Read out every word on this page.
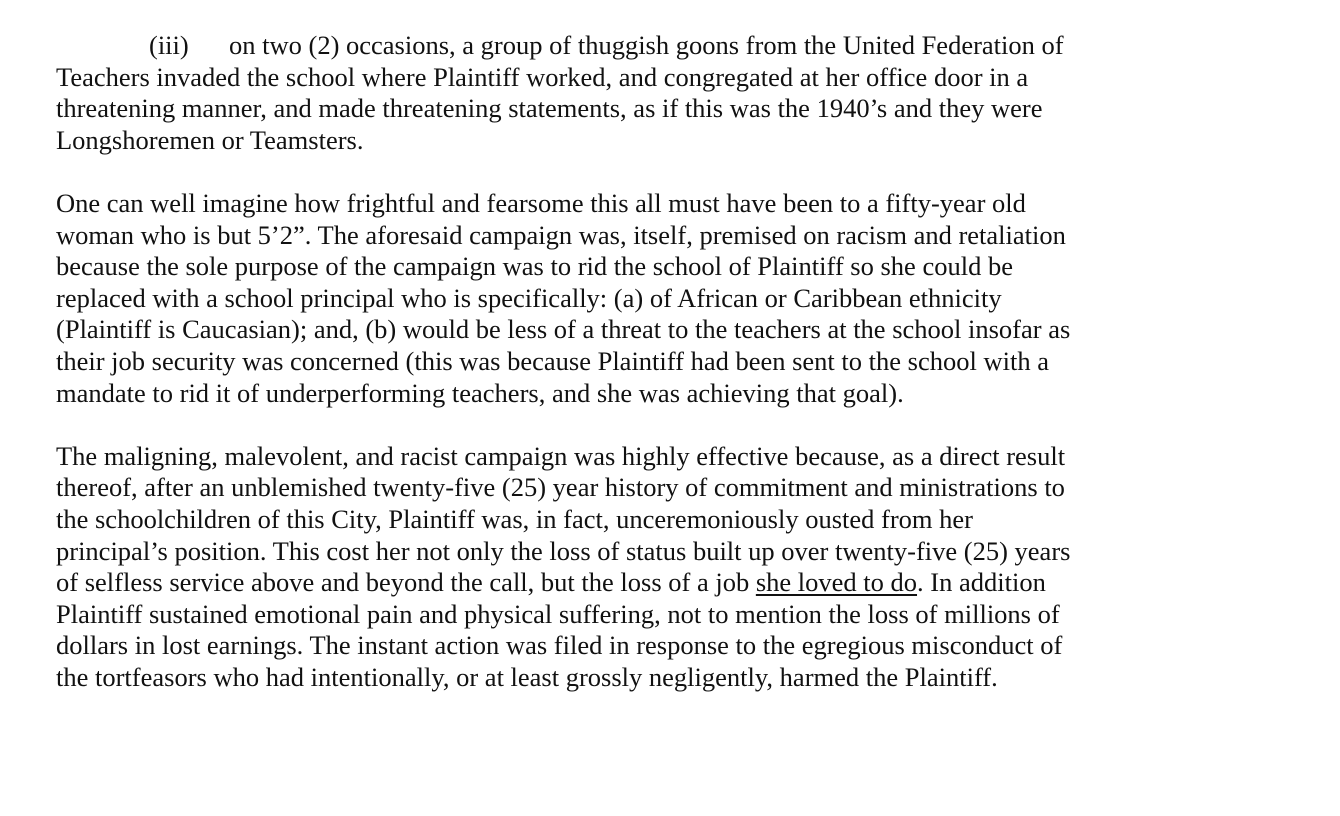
(iii) on two (2) occasions, a group of thuggish goons from the United Federation of
Teachers invaded the school where Plaintiff worked, and congregated at her office door in a
threatening manner, and made threatening statements, as if this was the 1940’s and they were
Longshoremen or Teamsters.
One can well imagine how frightful and fearsome this all must have been to a fifty-year old
woman who is but 5’2”. The aforesaid campaign was, itself, premised on racism and retaliation
because the sole purpose of the campaign was to rid the school of Plaintiff so she could be
replaced with a school principal who is specifically: (a) of African or Caribbean ethnicity
(Plaintiff is Caucasian); and, (b) would be less of a threat to the teachers at the school insofar as
their job security was concerned (this was because Plaintiff had been sent to the school with a
mandate to rid it of underperforming teachers, and she was achieving that goal).
The maligning, malevolent, and racist campaign was highly effective because, as a direct result
thereof, after an unblemished twenty-five (25) year history of commitment and ministrations to
the schoolchildren of this City, Plaintiff was, in fact, unceremoniously ousted from her
principal’s position. This cost her not only the loss of status built up over twenty-five (25) years
of selfless service above and beyond the call, but the loss of a job she loved to do. In addition
Plaintiff sustained emotional pain and physical suffering, not to mention the loss of millions of
dollars in lost earnings. The instant action was filed in response to the egregious misconduct of
the tortfeasors who had intentionally, or at least grossly negligently, harmed the Plaintiff.
